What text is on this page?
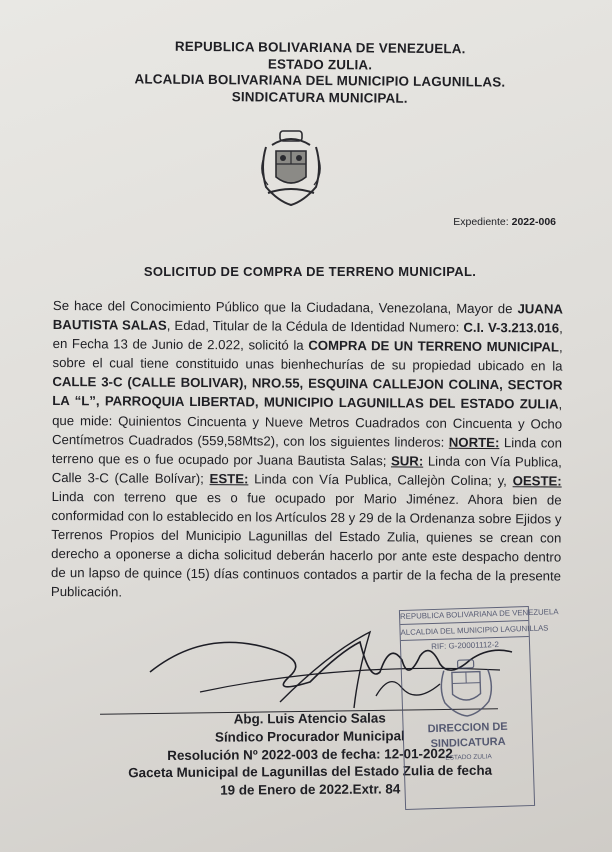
REPUBLICA BOLIVARIANA DE VENEZUELA.
ESTADO ZULIA.
ALCALDIA BOLIVARIANA DEL MUNICIPIO LAGUNILLAS.
SINDICATURA MUNICIPAL.
Expediente: 2022-006
SOLICITUD DE COMPRA DE TERRENO MUNICIPAL.
Se hace del Conocimiento Público que la Ciudadana, Venezolana, Mayor de JUANA BAUTISTA SALAS, Edad, Titular de la Cédula de Identidad Numero: C.I. V-3.213.016, en Fecha 13 de Junio de 2.022, solicitó la COMPRA DE UN TERRENO MUNICIPAL, sobre el cual tiene constituido unas bienhechurías de su propiedad ubicado en la CALLE 3-C (CALLE BOLIVAR), NRO.55, ESQUINA CALLEJON COLINA, SECTOR LA “L”, PARROQUIA LIBERTAD, MUNICIPIO LAGUNILLAS DEL ESTADO ZULIA, que mide: Quinientos Cincuenta y Nueve Metros Cuadrados con Cincuenta y Ocho Centímetros Cuadrados (559,58Mts2), con los siguientes linderos: NORTE: Linda con terreno que es o fue ocupado por Juana Bautista Salas; SUR: Linda con Vía Publica, Calle 3-C (Calle Bolívar); ESTE: Linda con Vía Publica, Callejòn Colina; y, OESTE: Linda con terreno que es o fue ocupado por Mario Jiménez. Ahora bien de conformidad con lo establecido en los Artículos 28 y 29 de la Ordenanza sobre Ejidos y Terrenos Propios del Municipio Lagunillas del Estado Zulia, quienes se crean con derecho a oponerse a dicha solicitud deberán hacerlo por ante este despacho dentro de un lapso de quince (15) días continuos contados a partir de la fecha de la presente Publicación.
Abg. Luis Atencio Salas
Síndico Procurador Municipal
Resolución Nº 2022-003 de fecha: 12-01-2022
Gaceta Municipal de Lagunillas del Estado Zulia de fecha
19 de Enero de 2022.Extr. 84
REPUBLICA BOLIVARIANA DE VENEZUELA
ALCALDIA DEL MUNICIPIO LAGUNILLAS
RIF: G-20001112-2
DIRECCION DE
SINDICATURA
ESTADO ZULIA
